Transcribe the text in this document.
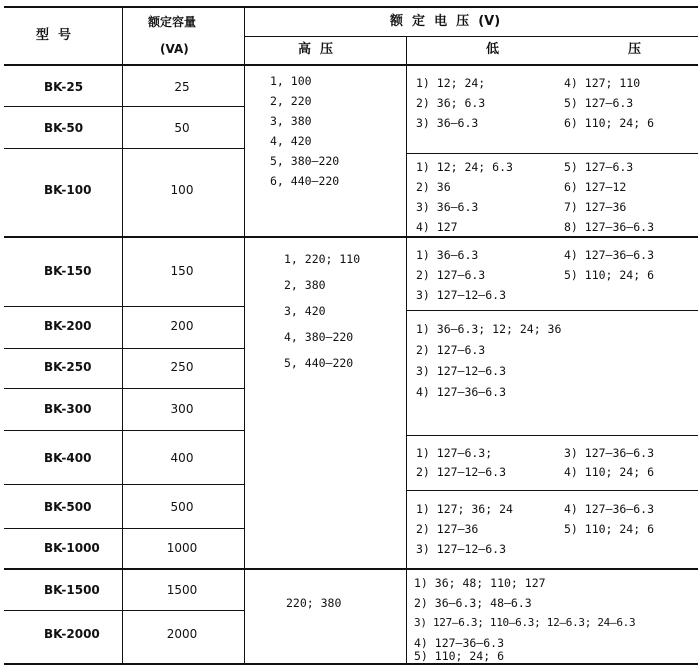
型  号
额定容量
(VA)
额  定  电  压  (V)
高  压	低  压
BK-25
BK-50
BK-100
25
50
100
1, 100
2, 220
3, 380
4, 420
5, 380—220
6, 440—220
1) 12; 24;
2) 36; 6.3
3) 36—6.3
4) 127; 110
5) 127—6.3
6) 110; 24; 6
1) 12; 24; 6.3
2) 36
3) 36—6.3
4) 127
5) 127—6.3
6) 127—12
7) 127—36
8) 127—36—6.3
BK-150
BK-200
BK-250
BK-300
BK-400
BK-500
BK-1000
150
200
250
300
400
500
1000
1, 220; 110
2, 380
3, 420
4, 380—220
5, 440—220
1) 36—6.3
2) 127—6.3
3) 127—12—6.3
4) 127—36—6.3
5) 110; 24; 6
1) 36—6.3; 12; 24; 36
2) 127—6.3
3) 127—12—6.3
4) 127—36—6.3
1) 127—6.3;
2) 127—12—6.3
3) 127—36—6.3
4) 110; 24; 6
1) 127; 36; 24
2) 127—36
3) 127—12—6.3
4) 127—36—6.3
5) 110; 24; 6
BK-1500
BK-2000
1500
2000
220; 380
1) 36; 48; 110; 127
2) 36—6.3; 48—6.3
3) 127—6.3; 110—6.3; 12—6.3; 24—6.3
4) 127—36—6.3
5) 110; 24; 6
